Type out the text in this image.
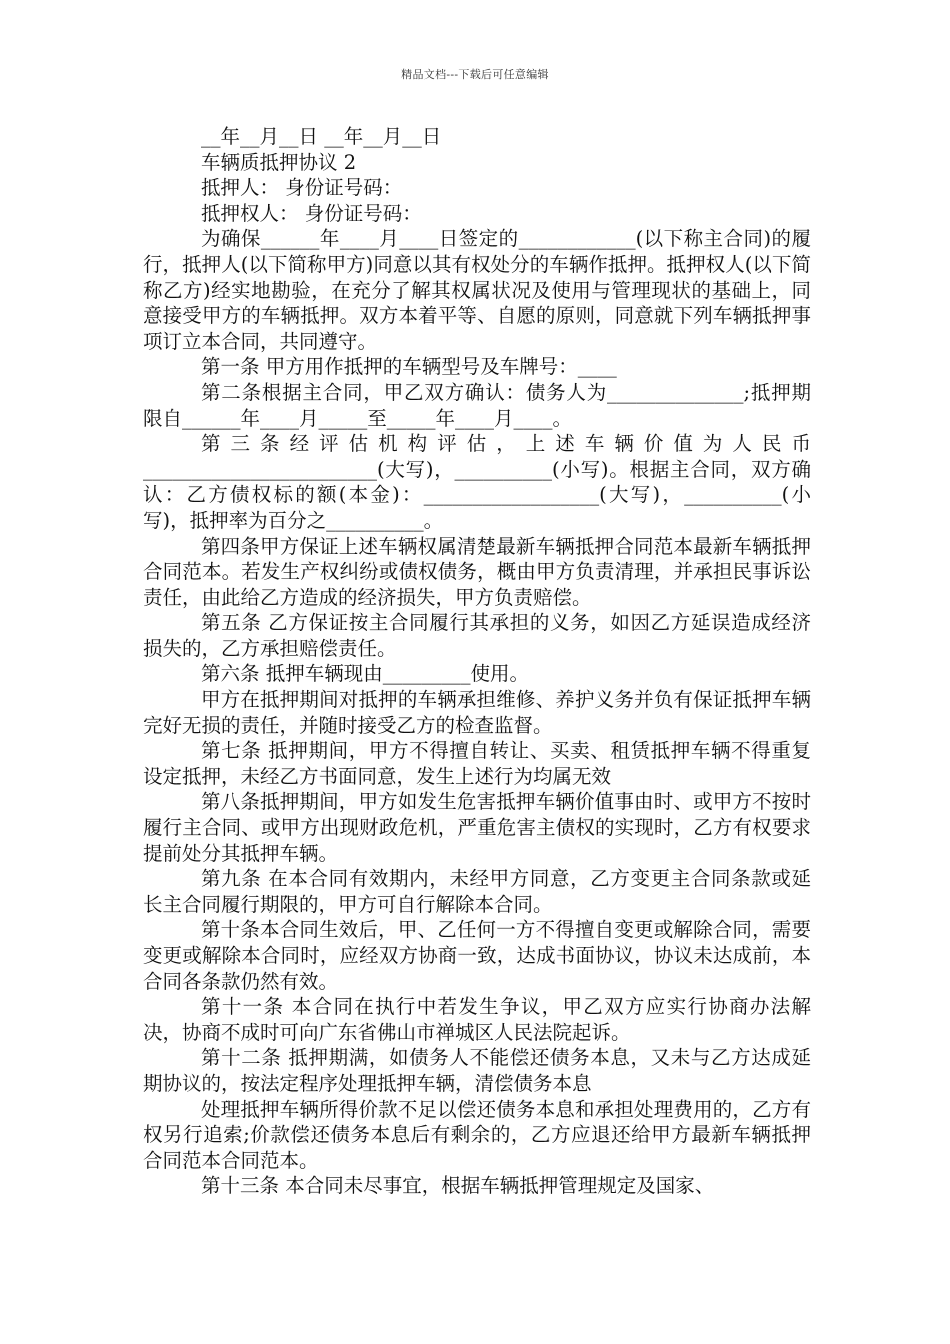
精品文档---下载后可任意编辑

__年__月__日 __年__月__日

车辆质抵押协议 2

抵押人： 身份证号码：

抵押权人： 身份证号码：

为确保______年____月____日签定的____________(以下称主合同)的履行，抵押人(以下简称甲方)同意以其有权处分的车辆作抵押。抵押权人(以下简称乙方)经实地勘验，在充分了解其权属状况及使用与管理现状的基础上，同意接受甲方的车辆抵押。双方本着平等、自愿的原则，同意就下列车辆抵押事项订立本合同，共同遵守。

第一条 甲方用作抵押的车辆型号及车牌号：____

第二条根据主合同，甲乙双方确认：债务人为______________;抵押期限自______年____月_____至_____年____月____。

第三条经评估机构评估，上述车辆价值为人民币________________________(大写)，__________(小写)。根据主合同，双方确认：乙方债权标的额(本金)：__________________(大写)，__________(小写)，抵押率为百分之__________。

第四条甲方保证上述车辆权属清楚最新车辆抵押合同范本最新车辆抵押合同范本。若发生产权纠纷或债权债务，概由甲方负责清理，并承担民事诉讼责任，由此给乙方造成的经济损失，甲方负责赔偿。

第五条 乙方保证按主合同履行其承担的义务，如因乙方延误造成经济损失的，乙方承担赔偿责任。

第六条 抵押车辆现由_________使用。

甲方在抵押期间对抵押的车辆承担维修、养护义务并负有保证抵押车辆完好无损的责任，并随时接受乙方的检查监督。

第七条 抵押期间，甲方不得擅自转让、买卖、租赁抵押车辆不得重复设定抵押，未经乙方书面同意，发生上述行为均属无效

第八条抵押期间，甲方如发生危害抵押车辆价值事由时、或甲方不按时履行主合同、或甲方出现财政危机，严重危害主债权的实现时，乙方有权要求提前处分其抵押车辆。

第九条 在本合同有效期内，未经甲方同意，乙方变更主合同条款或延长主合同履行期限的，甲方可自行解除本合同。

第十条本合同生效后，甲、乙任何一方不得擅自变更或解除合同，需要变更或解除本合同时，应经双方协商一致，达成书面协议，协议未达成前，本合同各条款仍然有效。

第十一条 本合同在执行中若发生争议，甲乙双方应实行协商办法解决，协商不成时可向广东省佛山市禅城区人民法院起诉。

第十二条 抵押期满，如债务人不能偿还债务本息，又未与乙方达成延期协议的，按法定程序处理抵押车辆，清偿债务本息

处理抵押车辆所得价款不足以偿还债务本息和承担处理费用的，乙方有权另行追索;价款偿还债务本息后有剩余的，乙方应退还给甲方最新车辆抵押合同范本合同范本。

第十三条 本合同未尽事宜，根据车辆抵押管理规定及国家、
